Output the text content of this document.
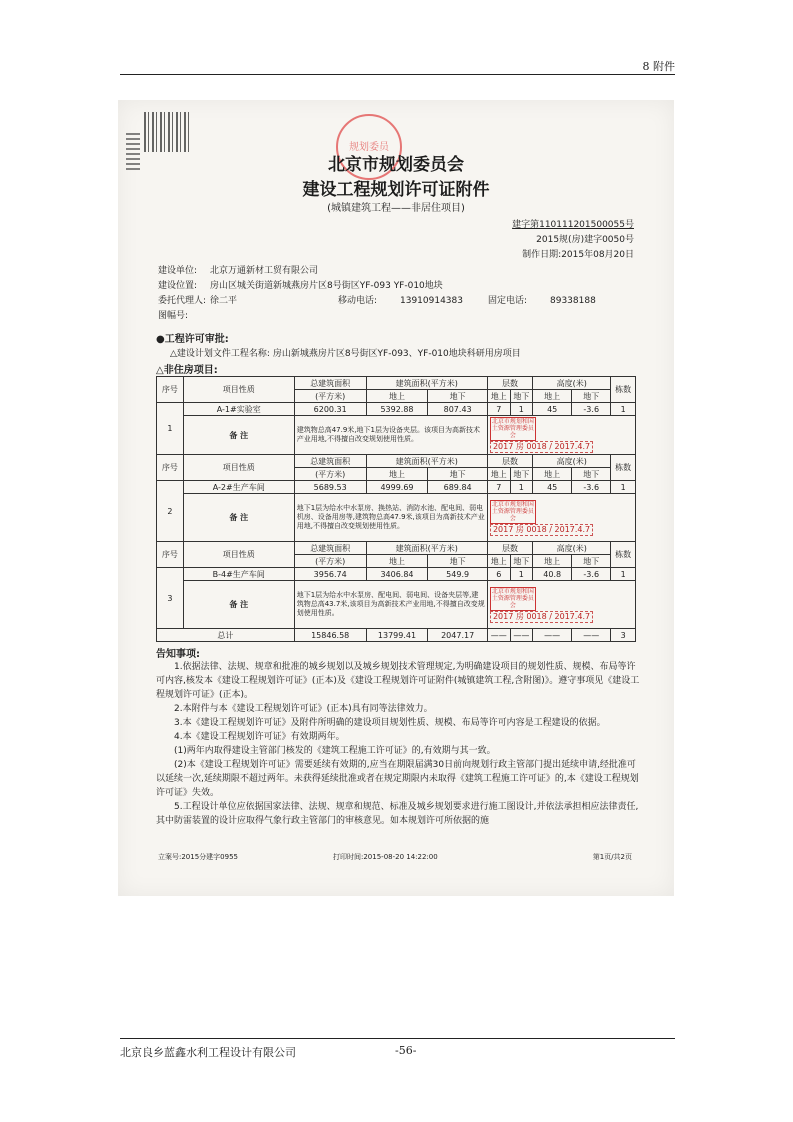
8 附件
规划委员
北京市规划委员会
建设工程规划许可证附件
(城镇建筑工程——非居住项目)
建字第110111201500055号
2015规(房)建字0050号
制作日期:2015年08月20日
建设单位: 北京万通新材工贸有限公司
建设位置: 房山区城关街道新城燕房片区8号街区YF-093 YF-010地块
委托代理人: 徐二平	移动电话:	13910914383	固定电话:	89338188
图幅号:
●工程许可审批:
△建设计划文件工程名称: 房山新城燕房片区8号街区YF-093、YF-010地块科研用房项目
△非住房项目:
序号	项目性质	总建筑面积	建筑面积(平方米)		层数		高度(米)		栋数
		(平方米)	地上	地下	地上	地下	地上	地下	
1	A-1#实验室	6200.31	5392.88	807.43	7	1	45	-3.6	1
	备 注	建筑物总高47.9米,地下1层为设备夹层。该项目为高新技术产业用地,不得擅自改变规划使用性质。			北京市规划和国土资源管理委员会 2017 房 0018 / 2017.4.7				
序号	项目性质	总建筑面积	建筑面积(平方米)		层数		高度(米)		栋数
		(平方米)	地上	地下	地上	地下	地上	地下	
2	A-2#生产车间	5689.53	4999.69	689.84	7	1	45	-3.6	1
	备 注	地下1层为给水中水泵房、换热站、消防水池、配电间、弱电机房、设备用房等,建筑物总高47.9米,该项目为高新技术产业用地,不得擅自改变规划使用性质。			北京市规划和国土资源管理委员会 2017 房 0018 / 2017.4.7				
序号	项目性质	总建筑面积	建筑面积(平方米)		层数		高度(米)		栋数
		(平方米)	地上	地下	地上	地下	地上	地下	
3	B-4#生产车间	3956.74	3406.84	549.9	6	1	40.8	-3.6	1
	备 注	地下1层为给水中水泵房、配电间、弱电间、设备夹层等,建筑物总高43.7米,该项目为高新技术产业用地,不得擅自改变规划使用性质。			北京市规划和国土资源管理委员会 2017 房 0018 / 2017.4.7				
总计		15846.58	13799.41	2047.17	——	——	——	——	3
告知事项:

1.依据法律、法规、规章和批准的城乡规划以及城乡规划技术管理规定,为明确建设项目的规划性质、规模、布局等许可内容,核发本《建设工程规划许可证》(正本)及《建设工程规划许可证附件(城镇建筑工程,含附图)》。遵守事项见《建设工程规划许可证》(正本)。

2.本附件与本《建设工程规划许可证》(正本)具有同等法律效力。

3.本《建设工程规划许可证》及附件所明确的建设项目规划性质、规模、布局等许可内容是工程建设的依据。

4.本《建设工程规划许可证》有效期两年。

(1)两年内取得建设主管部门核发的《建筑工程施工许可证》的,有效期与其一致。

(2)本《建设工程规划许可证》需要延续有效期的,应当在期限届满30日前向规划行政主管部门提出延续申请,经批准可以延续一次,延续期限不超过两年。未获得延续批准或者在规定期限内未取得《建筑工程施工许可证》的,本《建设工程规划许可证》失效。

5.工程设计单位应依据国家法律、法规、规章和规范、标准及城乡规划要求进行施工图设计,并依法承担相应法律责任,其中防雷装置的设计应取得气象行政主管部门的审核意见。如本规划许可所依据的施

立案号:2015分建字0955	打印时间:2015-08-20 14:22:00	第1页/共2页
北京良乡蓝鑫水利工程设计有限公司	-56-
